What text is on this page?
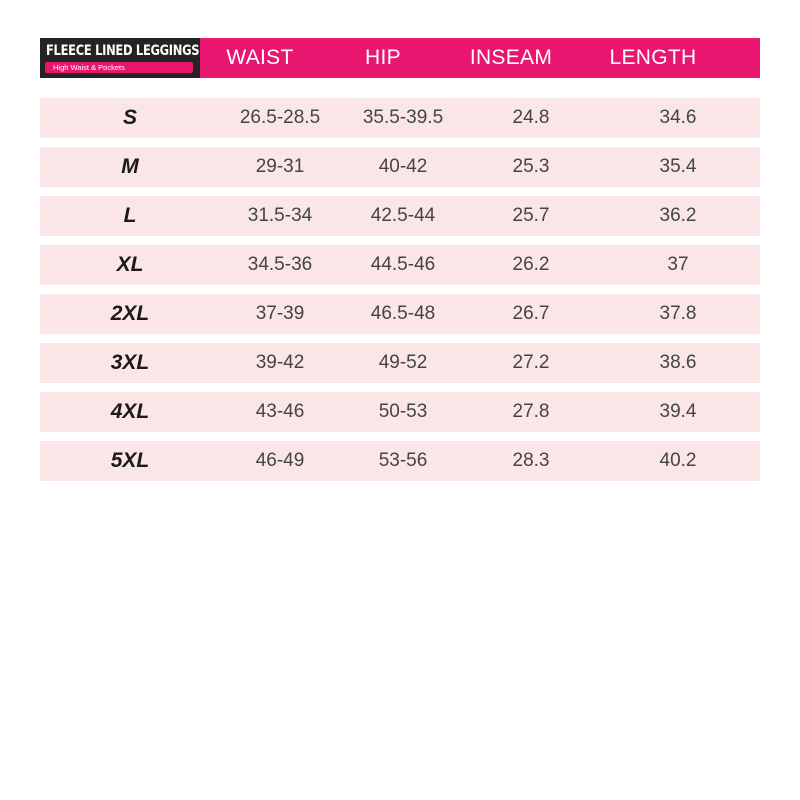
FLEECE LINED LEGGINGS
High Waist & Pockets	WAIST	HIP	INSEAM	LENGTH
S	26.5-28.5	35.5-39.5	24.8	34.6
M	29-31	40-42	25.3	35.4
L	31.5-34	42.5-44	25.7	36.2
XL	34.5-36	44.5-46	26.2	37
2XL	37-39	46.5-48	26.7	37.8
3XL	39-42	49-52	27.2	38.6
4XL	43-46	50-53	27.8	39.4
5XL	46-49	53-56	28.3	40.2
